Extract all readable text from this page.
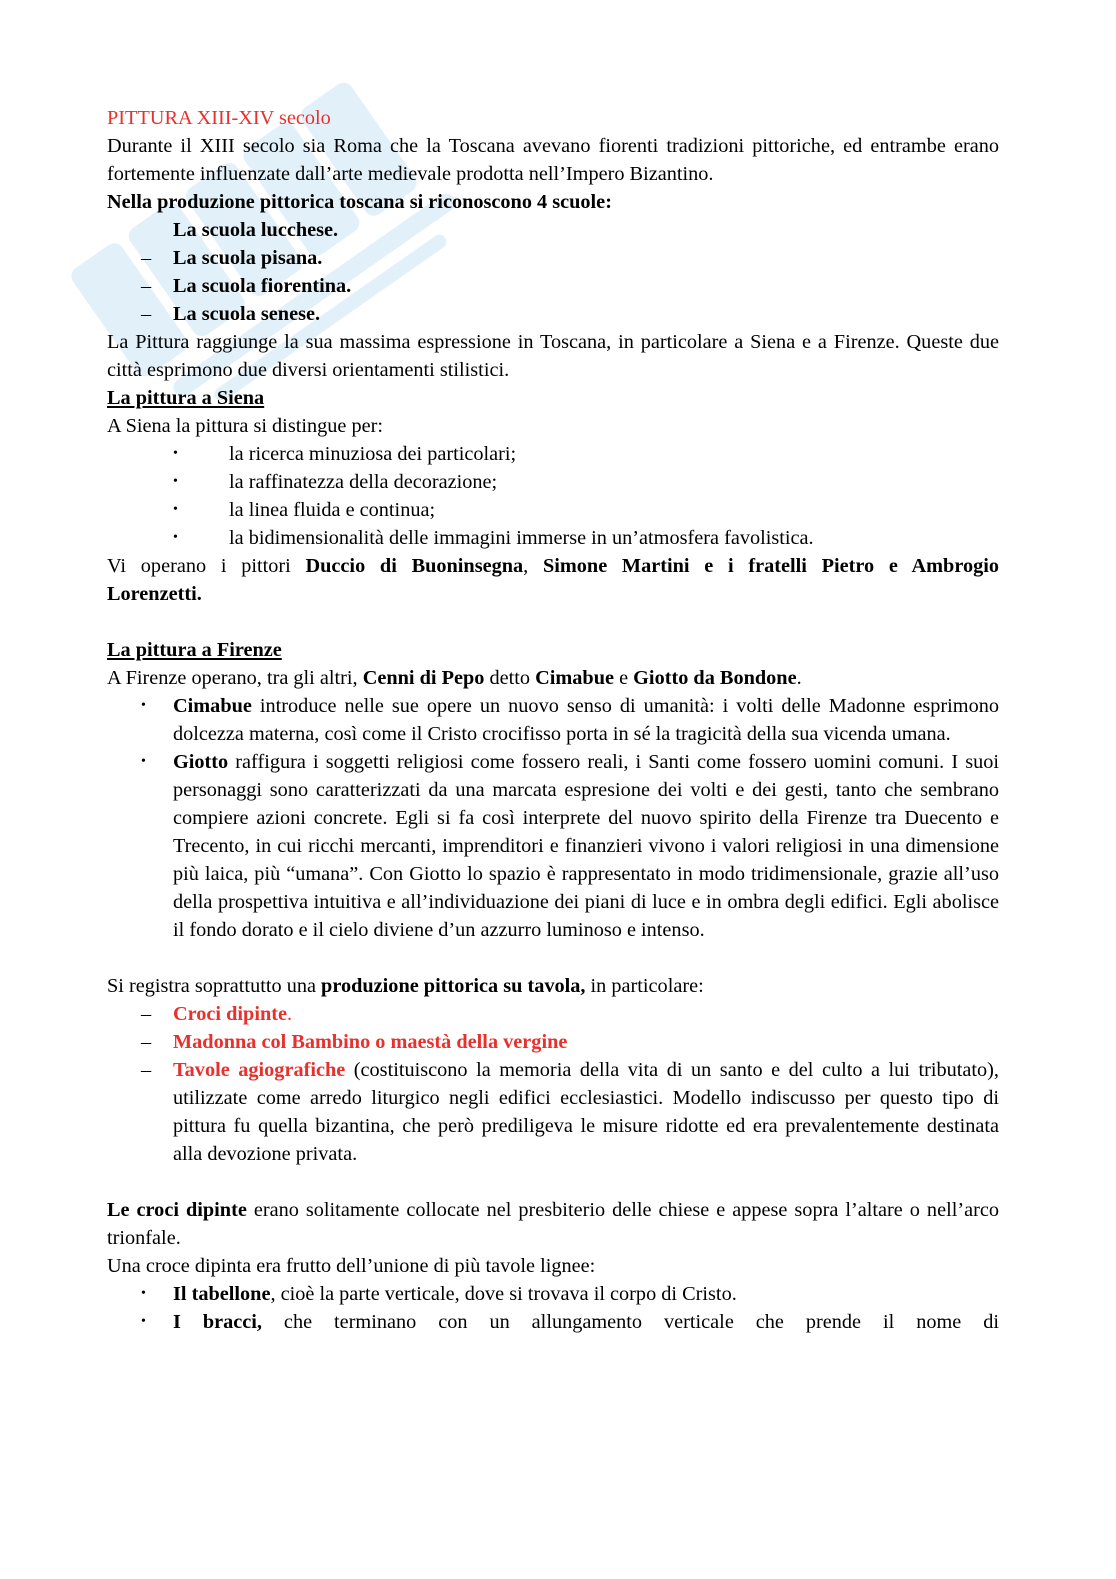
PITTURA XIII-XIV secolo

Durante il XIII secolo sia Roma che la Toscana avevano fiorenti tradizioni pittoriche, ed entrambe erano fortemente influenzate dall’arte medievale prodotta nell’Impero Bizantino.

Nella produzione pittorica toscana si riconoscono 4 scuole:

La scuola lucchese.
– La scuola pisana.
– La scuola fiorentina.
– La scuola senese.

La Pittura raggiunge la sua massima espressione in Toscana, in particolare a Siena e a Firenze. Queste due città esprimono due diversi orientamenti stilistici.

La pittura a Siena

A Siena la pittura si distingue per:

•	la ricerca minuziosa dei particolari;
•	la raffinatezza della decorazione;
•	la linea fluida e continua;
•	la bidimensionalità delle immagini immerse in un’atmosfera favolistica.

Vi operano i pittori Duccio di Buoninsegna, Simone Martini e i fratelli Pietro e Ambrogio Lorenzetti.

La pittura a Firenze

A Firenze operano, tra gli altri, Cenni di Pepo detto Cimabue e Giotto da Bondone.

• Cimabue introduce nelle sue opere un nuovo senso di umanità: i volti delle Madonne esprimono dolcezza materna, così come il Cristo crocifisso porta in sé la tragicità della sua vicenda umana.
• Giotto raffigura i soggetti religiosi come fossero reali, i Santi come fossero uomini comuni. I suoi personaggi sono caratterizzati da una marcata espresione dei volti e dei gesti, tanto che sembrano compiere azioni concrete. Egli si fa così interprete del nuovo spirito della Firenze tra Duecento e Trecento, in cui ricchi mercanti, imprenditori e finanzieri vivono i valori religiosi in una dimensione più laica, più “umana”. Con Giotto lo spazio è rappresentato in modo tridimensionale, grazie all’uso della prospettiva intuitiva e all’individuazione dei piani di luce e in ombra degli edifici. Egli abolisce il fondo dorato e il cielo diviene d’un azzurro luminoso e intenso.

Si registra soprattutto una produzione pittorica su tavola, in particolare:

– Croci dipinte.
– Madonna col Bambino o maestà della vergine
– Tavole agiografiche (costituiscono la memoria della vita di un santo e del culto a lui tributato), utilizzate come arredo liturgico negli edifici ecclesiastici. Modello indiscusso per questo tipo di pittura fu quella bizantina, che però prediligeva le misure ridotte ed era prevalentemente destinata alla devozione privata.

Le croci dipinte erano solitamente collocate nel presbiterio delle chiese e appese sopra l’altare o nell’arco trionfale.

Una croce dipinta era frutto dell’unione di più tavole lignee:

• Il tabellone, cioè la parte verticale, dove si trovava il corpo di Cristo.
• I bracci, che terminano con un allungamento verticale che prende il nome di
